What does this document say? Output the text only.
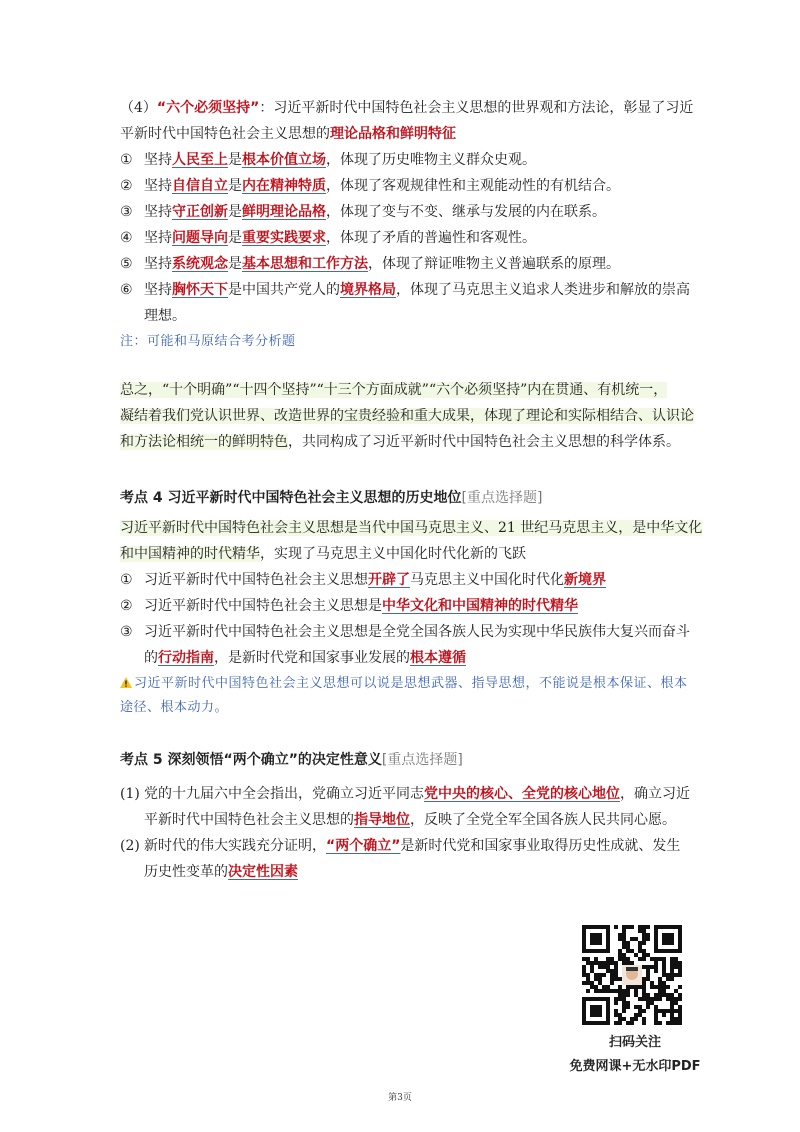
（4）“六个必须坚持”：习近平新时代中国特色社会主义思想的世界观和方法论，彰显了习近
平新时代中国特色社会主义思想的理论品格和鲜明特征
① 坚持人民至上是根本价值立场，体现了历史唯物主义群众史观。
② 坚持自信自立是内在精神特质，体现了客观规律性和主观能动性的有机结合。
③ 坚持守正创新是鲜明理论品格，体现了变与不变、继承与发展的内在联系。
④ 坚持问题导向是重要实践要求，体现了矛盾的普遍性和客观性。
⑤ 坚持系统观念是基本思想和工作方法，体现了辩证唯物主义普遍联系的原理。
⑥ 坚持胸怀天下是中国共产党人的境界格局，体现了马克思主义追求人类进步和解放的崇高
理想。
注：可能和马原结合考分析题
总之，“十个明确”“十四个坚持”“十三个方面成就”“六个必须坚持”内在贯通、有机统一，
凝结着我们党认识世界、改造世界的宝贵经验和重大成果，体现了理论和实际相结合、认识论
和方法论相统一的鲜明特色，共同构成了习近平新时代中国特色社会主义思想的科学体系。
考点 4 习近平新时代中国特色社会主义思想的历史地位[重点选择题]
习近平新时代中国特色社会主义思想是当代中国马克思主义、21 世纪马克思主义，是中华文化
和中国精神的时代精华，实现了马克思主义中国化时代化新的飞跃
① 习近平新时代中国特色社会主义思想开辟了马克思主义中国化时代化新境界
② 习近平新时代中国特色社会主义思想是中华文化和中国精神的时代精华
③ 习近平新时代中国特色社会主义思想是全党全国各族人民为实现中华民族伟大复兴而奋斗
的行动指南，是新时代党和国家事业发展的根本遵循
习近平新时代中国特色社会主义思想可以说是思想武器、指导思想，不能说是根本保证、根本
途径、根本动力。
考点 5 深刻领悟“两个确立”的决定性意义[重点选择题]
(1) 党的十九届六中全会指出，党确立习近平同志党中央的核心、全党的核心地位，确立习近
平新时代中国特色社会主义思想的指导地位，反映了全党全军全国各族人民共同心愿。
(2) 新时代的伟大实践充分证明，“两个确立”是新时代党和国家事业取得历史性成就、发生
历史性变革的决定性因素
扫码关注
免费网课+无水印PDF
第3页
